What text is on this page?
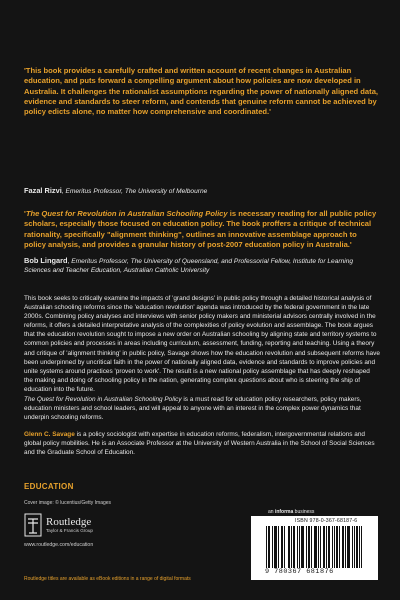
'This book provides a carefully crafted and written account of recent changes in Australian education, and puts forward a compelling argument about how policies are now developed in Australia. It challenges the rationalist assumptions regarding the power of nationally aligned data, evidence and standards to steer reform, and contends that genuine reform cannot be achieved by policy edicts alone, no matter how comprehensive and coordinated.'

Fazal Rizvi, Emeritus Professor, The University of Melbourne

'The Quest for Revolution in Australian Schooling Policy is necessary reading for all public policy scholars, especially those focused on education policy. The book proffers a critique of technical rationality, specifically "alignment thinking", outlines an innovative assemblage approach to policy analysis, and provides a granular history of post-2007 education policy in Australia.'

Bob Lingard, Emeritus Professor, The University of Queensland, and Professorial Fellow, Institute for Learning Sciences and Teacher Education, Australian Catholic University

This book seeks to critically examine the impacts of 'grand designs' in public policy through a detailed historical analysis of Australian schooling reforms since the 'education revolution' agenda was introduced by the federal government in the late 2000s. Combining policy analyses and interviews with senior policy makers and ministerial advisors centrally involved in the reforms, it offers a detailed interpretative analysis of the complexities of policy evolution and assemblage. The book argues that the education revolution sought to impose a new order on Australian schooling by aligning state and territory systems to common policies and processes in areas including curriculum, assessment, funding, reporting and teaching. Using a theory and critique of 'alignment thinking' in public policy, Savage shows how the education revolution and subsequent reforms have been underpinned by uncritical faith in the power of nationally aligned data, evidence and standards to improve policies and unite systems around practices 'proven to work'. The result is a new national policy assemblage that has deeply reshaped the making and doing of schooling policy in the nation, generating complex questions about who is steering the ship of education into the future.

The Quest for Revolution in Australian Schooling Policy is a must read for education policy researchers, policy makers, education ministers and school leaders, and will appeal to anyone with an interest in the complex power dynamics that underpin schooling reforms.

Glenn C. Savage is a policy sociologist with expertise in education reforms, federalism, intergovernmental relations and global policy mobilities. He is an Associate Professor at the University of Western Australia in the School of Social Sciences and the Graduate School of Education.

EDUCATION
Cover image: © lucentius/Getty Images
Routledge
Taylor & Francis Group
www.routledge.com/education
an informa business
ISBN 978-0-367-68187-6
9 780367 681876
Routledge titles are available as eBook editions in a range of digital formats
